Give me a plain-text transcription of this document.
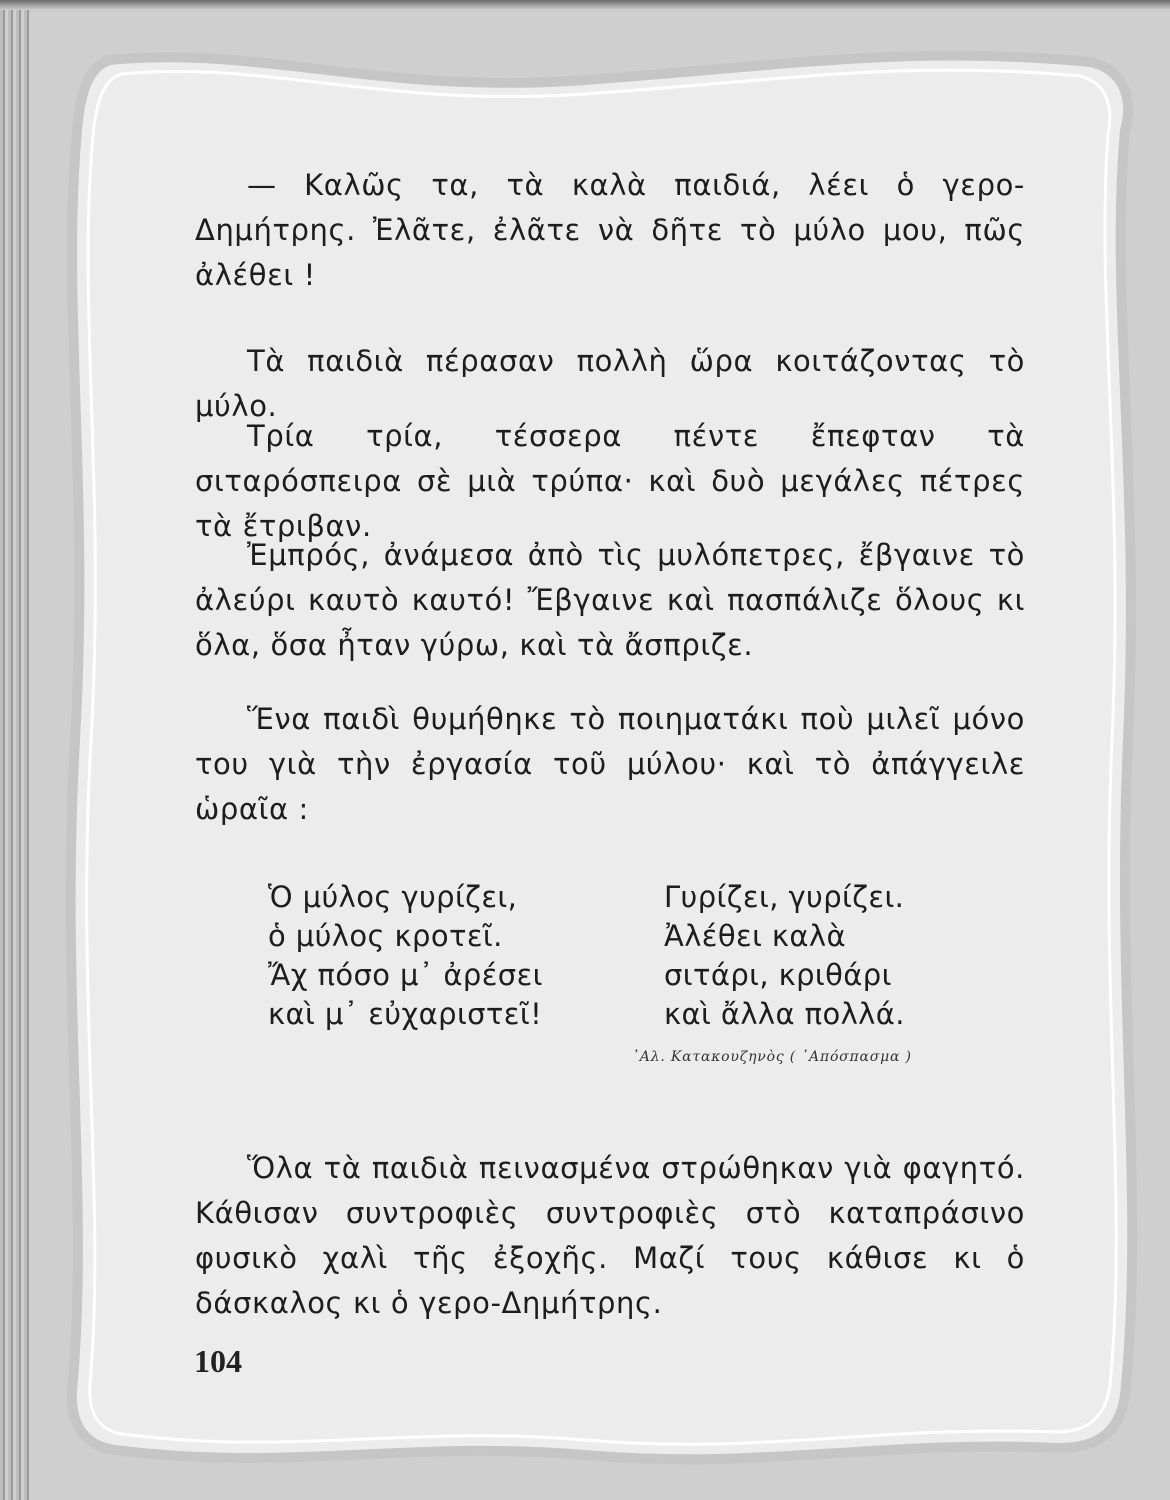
— Καλῶς τα, τὰ καλὰ παιδιά, λέει ὁ γερο-Δημήτρης. Ἐλᾶτε, ἐλᾶτε νὰ δῆτε τὸ μύλο μου, πῶς ἀλέθει !

Τὰ παιδιὰ πέρασαν πολλὴ ὥρα κοιτάζοντας τὸ μύλο.

Τρία τρία, τέσσερα πέντε ἔπεφταν τὰ σιταρόσπειρα σὲ μιὰ τρύπα· καὶ δυὸ μεγάλες πέτρες τὰ ἔτριβαν.

Ἐμπρός, ἀνάμεσα ἀπὸ τὶς μυλόπετρες, ἔβγαινε τὸ ἀλεύρι καυτὸ καυτό! Ἔβγαινε καὶ πασπάλιζε ὅλους κι ὅλα, ὅσα ἦταν γύρω, καὶ τὰ ἄσπριζε.

Ἕνα παιδὶ θυμήθηκε τὸ ποιηματάκι ποὺ μιλεῖ μόνο του γιὰ τὴν ἐργασία τοῦ μύλου· καὶ τὸ ἀπάγγειλε ὡραῖα :

Ὁ μύλος γυρίζει,
ὁ μύλος κροτεῖ.
Ἄχ πόσο μ᾿ ἀρέσει
καὶ μ᾿ εὐχαριστεῖ!
Γυρίζει, γυρίζει.
Ἀλέθει καλὰ
σιτάρι, κριθάρι
καὶ ἄλλα πολλά.
᾿Αλ. Κατακουζηνὸς ( ᾿Απόσπασμα )

Ὅλα τὰ παιδιὰ πεινασμένα στρώθηκαν γιὰ φαγητό. Κάθισαν συντροφιὲς συντροφιὲς στὸ καταπράσινο φυσικὸ χαλὶ τῆς ἐξοχῆς. Μαζί τους κάθισε κι ὁ δάσκαλος κι ὁ γερο-Δημήτρης.

104
